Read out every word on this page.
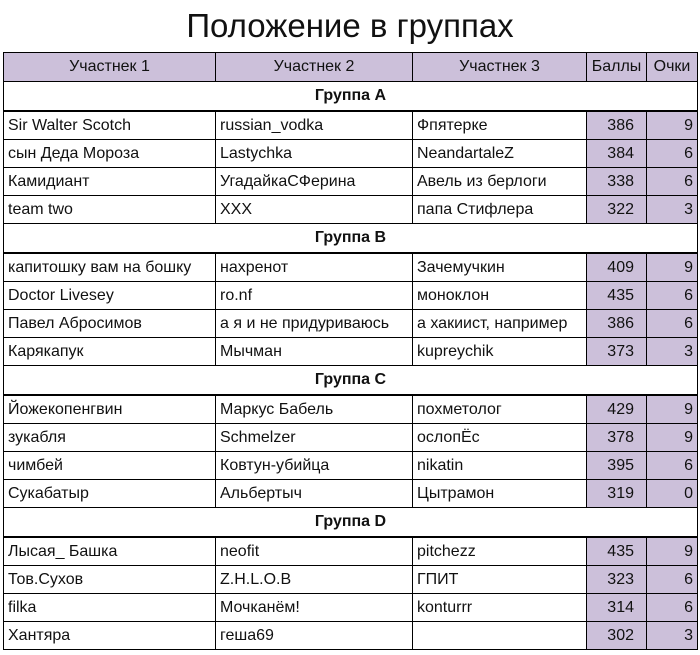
Положение в группах
Участнек 1	Участнек 2	Участнек 3	Баллы	Очки
Группа А				
Sir Walter Scotch	russian_vodka	Фпятерке	386	9
сын Деда Мороза	Lastychka	NeandartaleZ	384	6
Камидиант	УгадайкаСФерина	Авель из берлоги	338	6
team two	XXX	папа Стифлера	322	3
Группа В				
капитошку вам на бошку	нахренот	Зачемучкин	409	9
Doctor Livesey	ro.nf	моноклон	435	6
Павел Абросимов	а я и не придуриваюсь	а хакиист, например	386	6
Карякапук	Мычман	kupreychik	373	3
Группа С				
Йожекопенгвин	Маркус Бабель	похметолог	429	9
зукабля	Schmelzer	ослопЁс	378	9
чимбей	Ковтун-убийца	nikatin	395	6
Сукабатыр	Альбертыч	Цытрамон	319	0
Группа D				
Лысая_ Башка	neofit	pitchezz	435	9
Тов.Сухов	Z.H.L.O.B	ГПИТ	323	6
filka	Мочканём!	konturrr	314	6
Хантяра	геша69		302	3
